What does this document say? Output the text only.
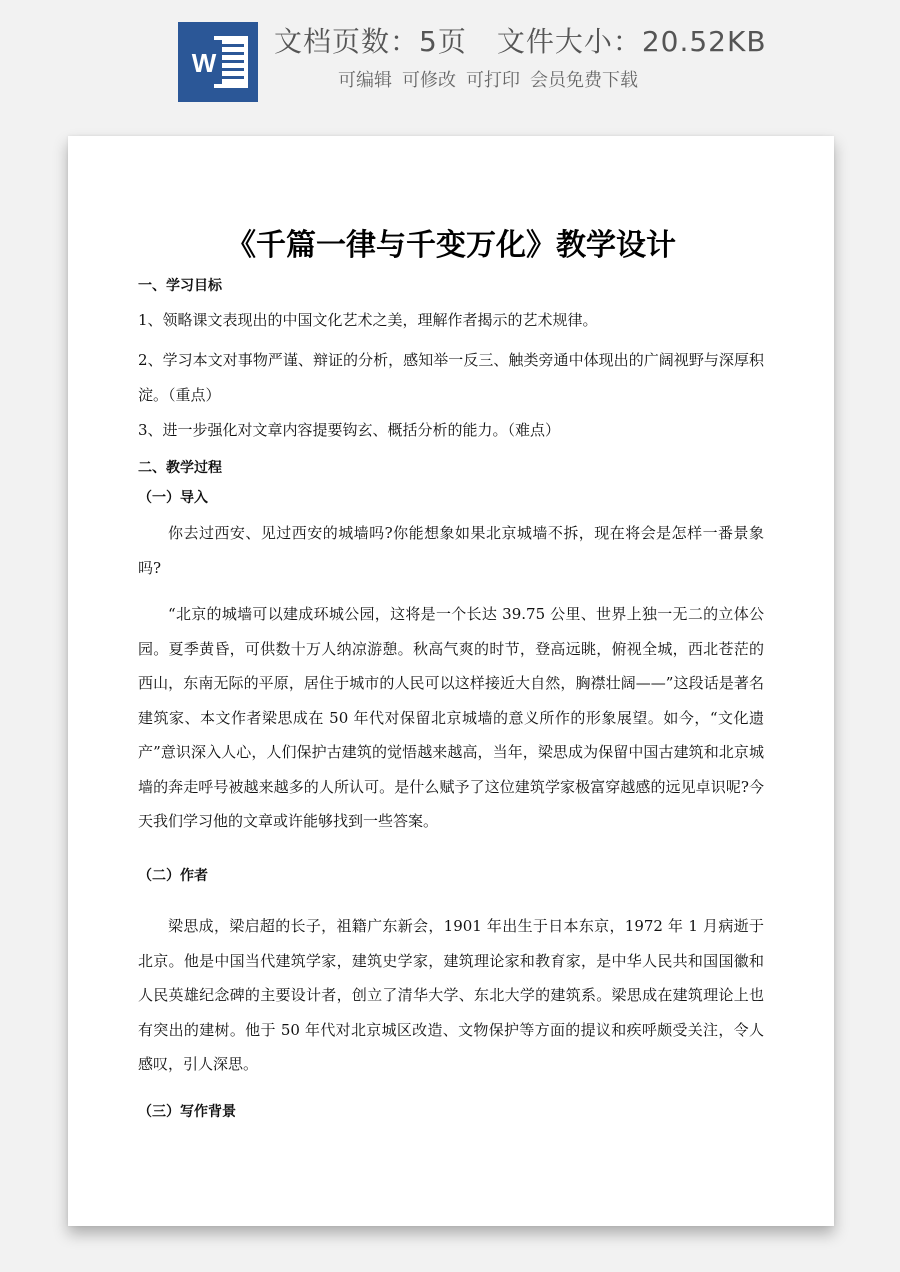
W
文档页数：5页 文件大小：20.52KB
可编辑 可修改 可打印 会员免费下载
《千篇一律与千变万化》教学设计
一、学习目标
1、领略课文表现出的中国文化艺术之美，理解作者揭示的艺术规律。
2、学习本文对事物严谨、辩证的分析，感知举一反三、触类旁通中体现出的广阔视野与深厚积淀。（重点）
3、进一步强化对文章内容提要钩玄、概括分析的能力。（难点）
二、教学过程
（一）导入
你去过西安、见过西安的城墙吗?你能想象如果北京城墙不拆，现在将会是怎样一番景象吗?
“北京的城墙可以建成环城公园，这将是一个长达 39.75 公里、世界上独一无二的立体公园。夏季黄昏，可供数十万人纳凉游憩。秋高气爽的时节，登高远眺，俯视全城，西北苍茫的西山，东南无际的平原，居住于城市的人民可以这样接近大自然，胸襟壮阔——”这段话是著名建筑家、本文作者梁思成在 50 年代对保留北京城墙的意义所作的形象展望。如今，“文化遗产”意识深入人心，人们保护古建筑的觉悟越来越高，当年，梁思成为保留中国古建筑和北京城墙的奔走呼号被越来越多的人所认可。是什么赋予了这位建筑学家极富穿越感的远见卓识呢?今天我们学习他的文章或许能够找到一些答案。
（二）作者
梁思成，梁启超的长子，祖籍广东新会，1901 年出生于日本东京，1972 年 1 月病逝于北京。他是中国当代建筑学家，建筑史学家，建筑理论家和教育家，是中华人民共和国国徽和人民英雄纪念碑的主要设计者，创立了清华大学、东北大学的建筑系。梁思成在建筑理论上也有突出的建树。他于 50 年代对北京城区改造、文物保护等方面的提议和疾呼颇受关注，令人感叹，引人深思。
（三）写作背景
